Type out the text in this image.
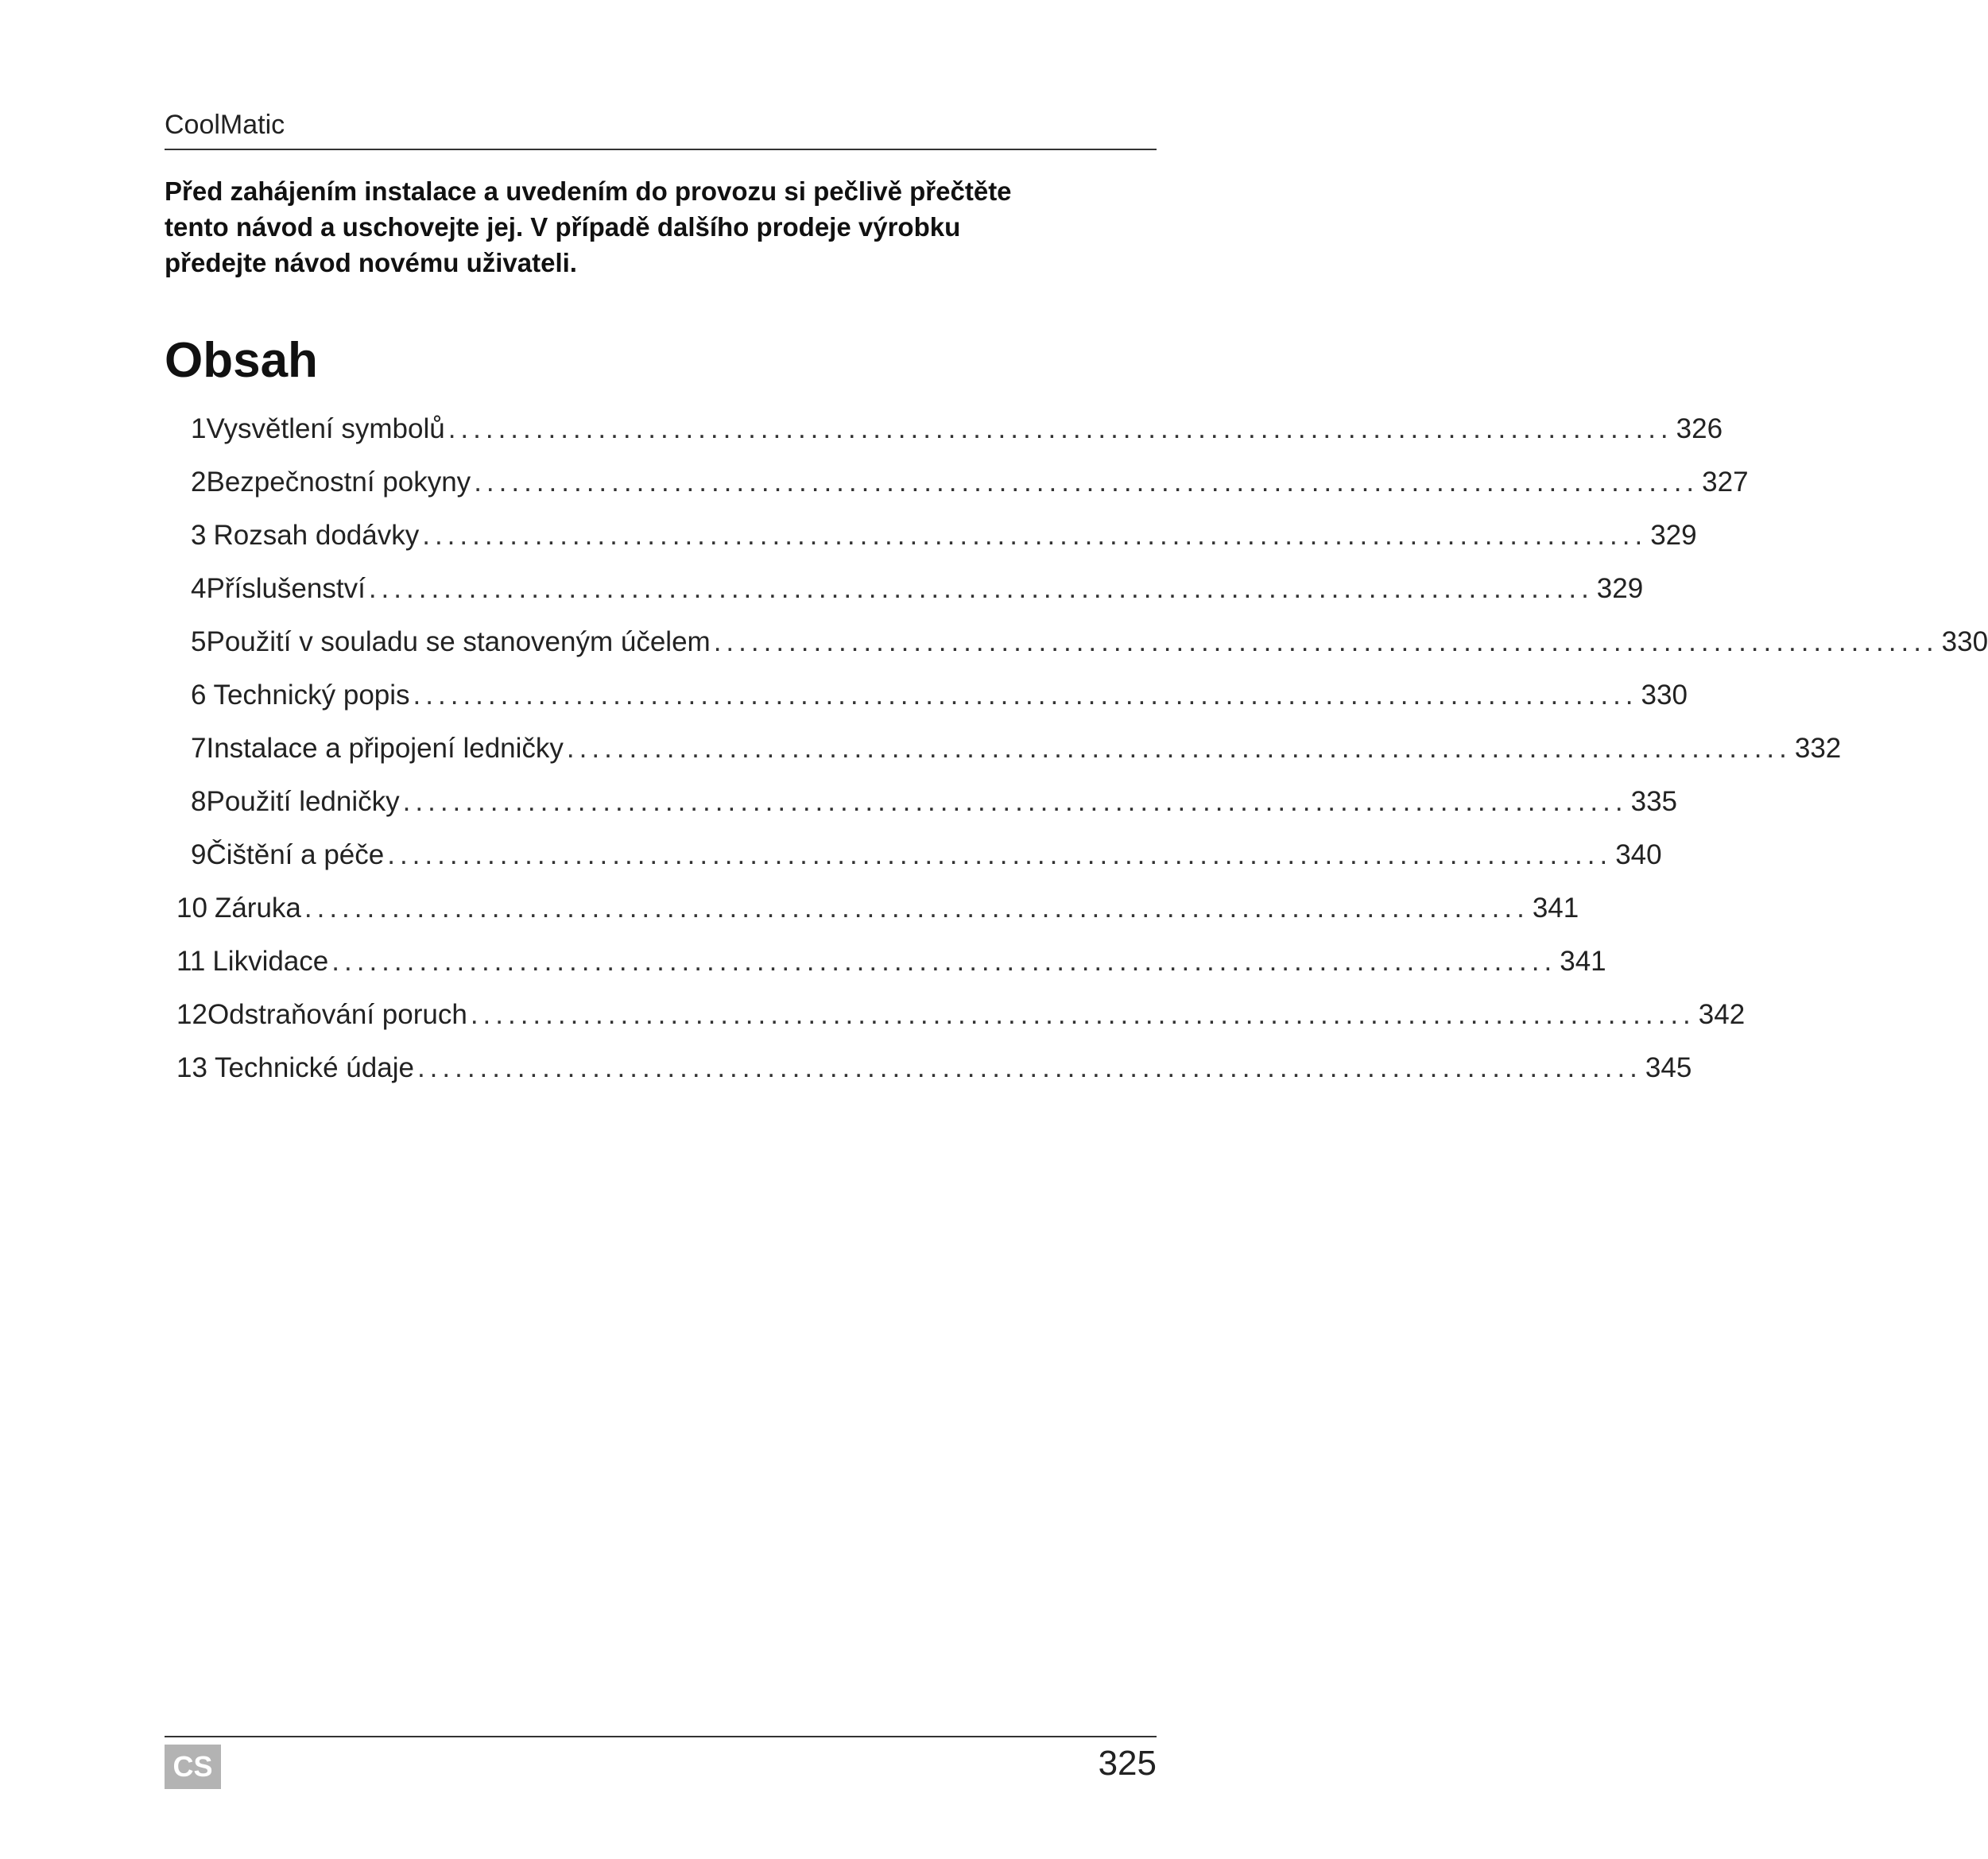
CoolMatic
Před zahájením instalace a uvedením do provozu si pečlivě přečtěte
tento návod a uschovejte jej. V případě dalšího prodeje výrobku
předejte návod novému uživateli.
Obsah
1 Vysvětlení symbolů .................................................................................................. 326
2 Bezpečnostní pokyny .................................................................................................. 327
3 Rozsah dodávky .................................................................................................. 329
4 Příslušenství .................................................................................................. 329
5 Použití v souladu se stanoveným účelem .................................................................................................. 330
6 Technický popis .................................................................................................. 330
7 Instalace a připojení ledničky .................................................................................................. 332
8 Použití ledničky .................................................................................................. 335
9 Čištění a péče .................................................................................................. 340
10 Záruka .................................................................................................. 341
11 Likvidace .................................................................................................. 341
12 Odstraňování poruch .................................................................................................. 342
13 Technické údaje .................................................................................................. 345
CS	325
